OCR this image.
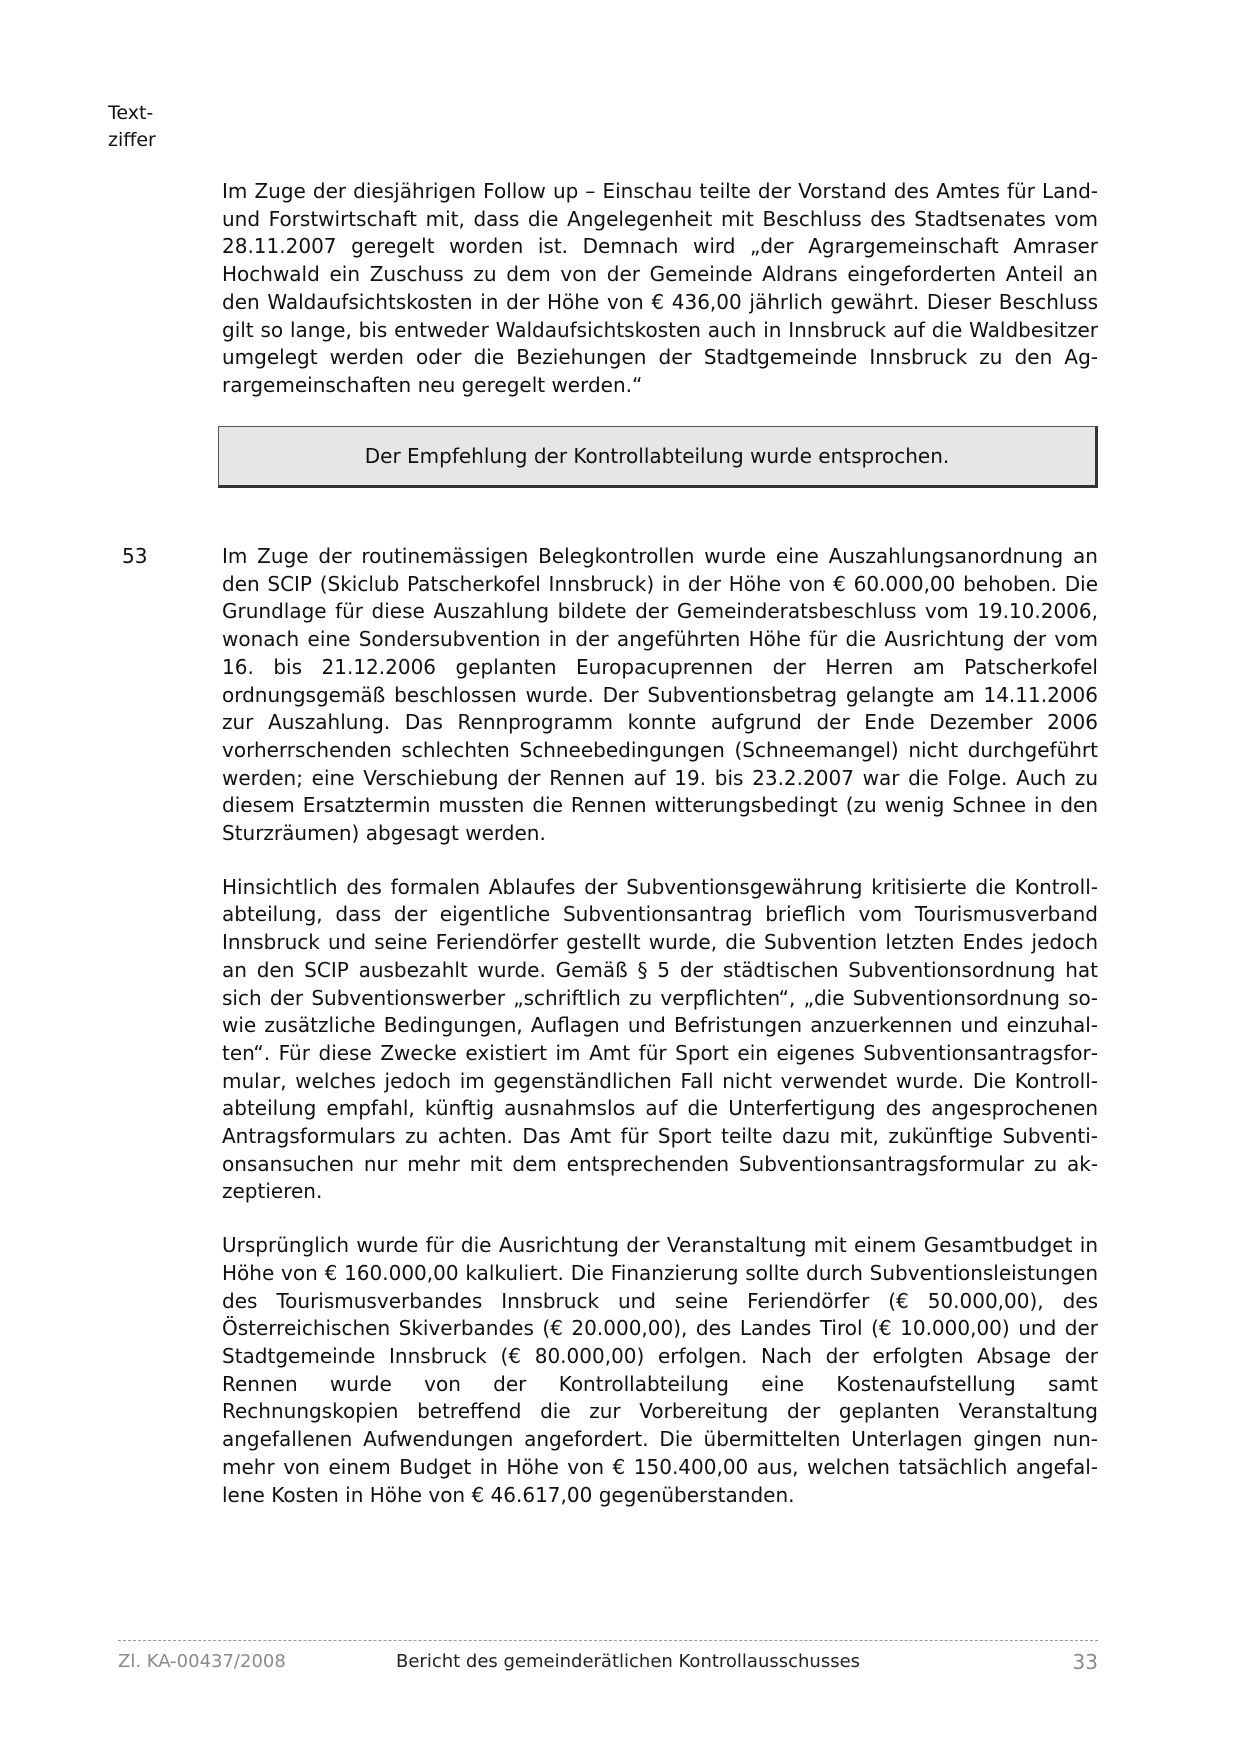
Text-
ziffer

Im Zuge der diesjährigen Follow up – Einschau teilte der Vorstand des Amtes für Land- und Forstwirtschaft mit, dass die Angelegenheit mit Beschluss des Stadtsenates vom 28.11.2007 geregelt worden ist. Demnach wird „der Agrargemeinschaft Amraser Hochwald ein Zuschuss zu dem von der Gemeinde Aldrans eingeforderten Anteil an den Waldaufsichtskosten in der Höhe von € 436,00 jährlich gewährt. Dieser Beschluss gilt so lange, bis entweder Waldaufsichtskosten auch in Innsbruck auf die Waldbesitzer umgelegt werden oder die Beziehungen der Stadtgemeinde Innsbruck zu den Agrargemeinschaften neu geregelt werden.“

Der Empfehlung der Kontrollabteilung wurde entsprochen.
53	Im Zuge der routinemässigen Belegkontrollen wurde eine Auszahlungsanordnung an den SCIP (Skiclub Patscherkofel Innsbruck) in der Höhe von € 60.000,00 behoben. Die Grundlage für diese Auszahlung bildete der Gemeinderatsbeschluss vom 19.10.2006, wonach eine Sondersubvention in der angeführten Höhe für die Ausrichtung der vom 16. bis 21.12.2006 geplanten Europacuprennen der Herren am Patscherkofel ordnungsgemäß beschlossen wurde. Der Subventionsbetrag gelangte am 14.11.2006 zur Auszahlung. Das Rennprogramm konnte aufgrund der Ende Dezember 2006 vorherrschenden schlechten Schneebedingungen (Schneemangel) nicht durchgeführt werden; eine Verschiebung der Rennen auf 19. bis 23.2.2007 war die Folge. Auch zu diesem Ersatztermin mussten die Rennen witterungsbedingt (zu wenig Schnee in den Sturzräumen) abgesagt werden.

Hinsichtlich des formalen Ablaufes der Subventionsgewährung kritisierte die Kontrollabteilung, dass der eigentliche Subventionsantrag brieflich vom Tourismusverband Innsbruck und seine Feriendörfer gestellt wurde, die Subvention letzten Endes jedoch an den SCIP ausbezahlt wurde. Gemäß § 5 der städtischen Subventionsordnung hat sich der Subventionswerber „schriftlich zu verpflichten“, „die Subventionsordnung sowie zusätzliche Bedingungen, Auflagen und Befristungen anzuerkennen und einzuhalten“. Für diese Zwecke existiert im Amt für Sport ein eigenes Subventionsantragsformular, welches jedoch im gegenständlichen Fall nicht verwendet wurde. Die Kontrollabteilung empfahl, künftig ausnahmslos auf die Unterfertigung des angesprochenen Antragsformulars zu achten. Das Amt für Sport teilte dazu mit, zukünftige Subventionsansuchen nur mehr mit dem entsprechenden Subventionsantragsformular zu akzeptieren.

Ursprünglich wurde für die Ausrichtung der Veranstaltung mit einem Gesamtbudget in Höhe von € 160.000,00 kalkuliert. Die Finanzierung sollte durch Subventionsleistungen des Tourismusverbandes Innsbruck und seine Feriendörfer (€ 50.000,00), des Österreichischen Skiverbandes (€ 20.000,00), des Landes Tirol (€ 10.000,00) und der Stadtgemeinde Innsbruck (€ 80.000,00) erfolgen. Nach der erfolgten Absage der Rennen wurde von der Kontrollabteilung eine Kostenaufstellung samt Rechnungskopien betreffend die zur Vorbereitung der geplanten Veranstaltung angefallenen Aufwendungen angefordert. Die übermittelten Unterlagen gingen nunmehr von einem Budget in Höhe von € 150.400,00 aus, welchen tatsächlich angefallene Kosten in Höhe von € 46.617,00 gegenüberstanden.

Zl. KA-00437/2008	Bericht des gemeinderätlichen Kontrollausschusses	33
